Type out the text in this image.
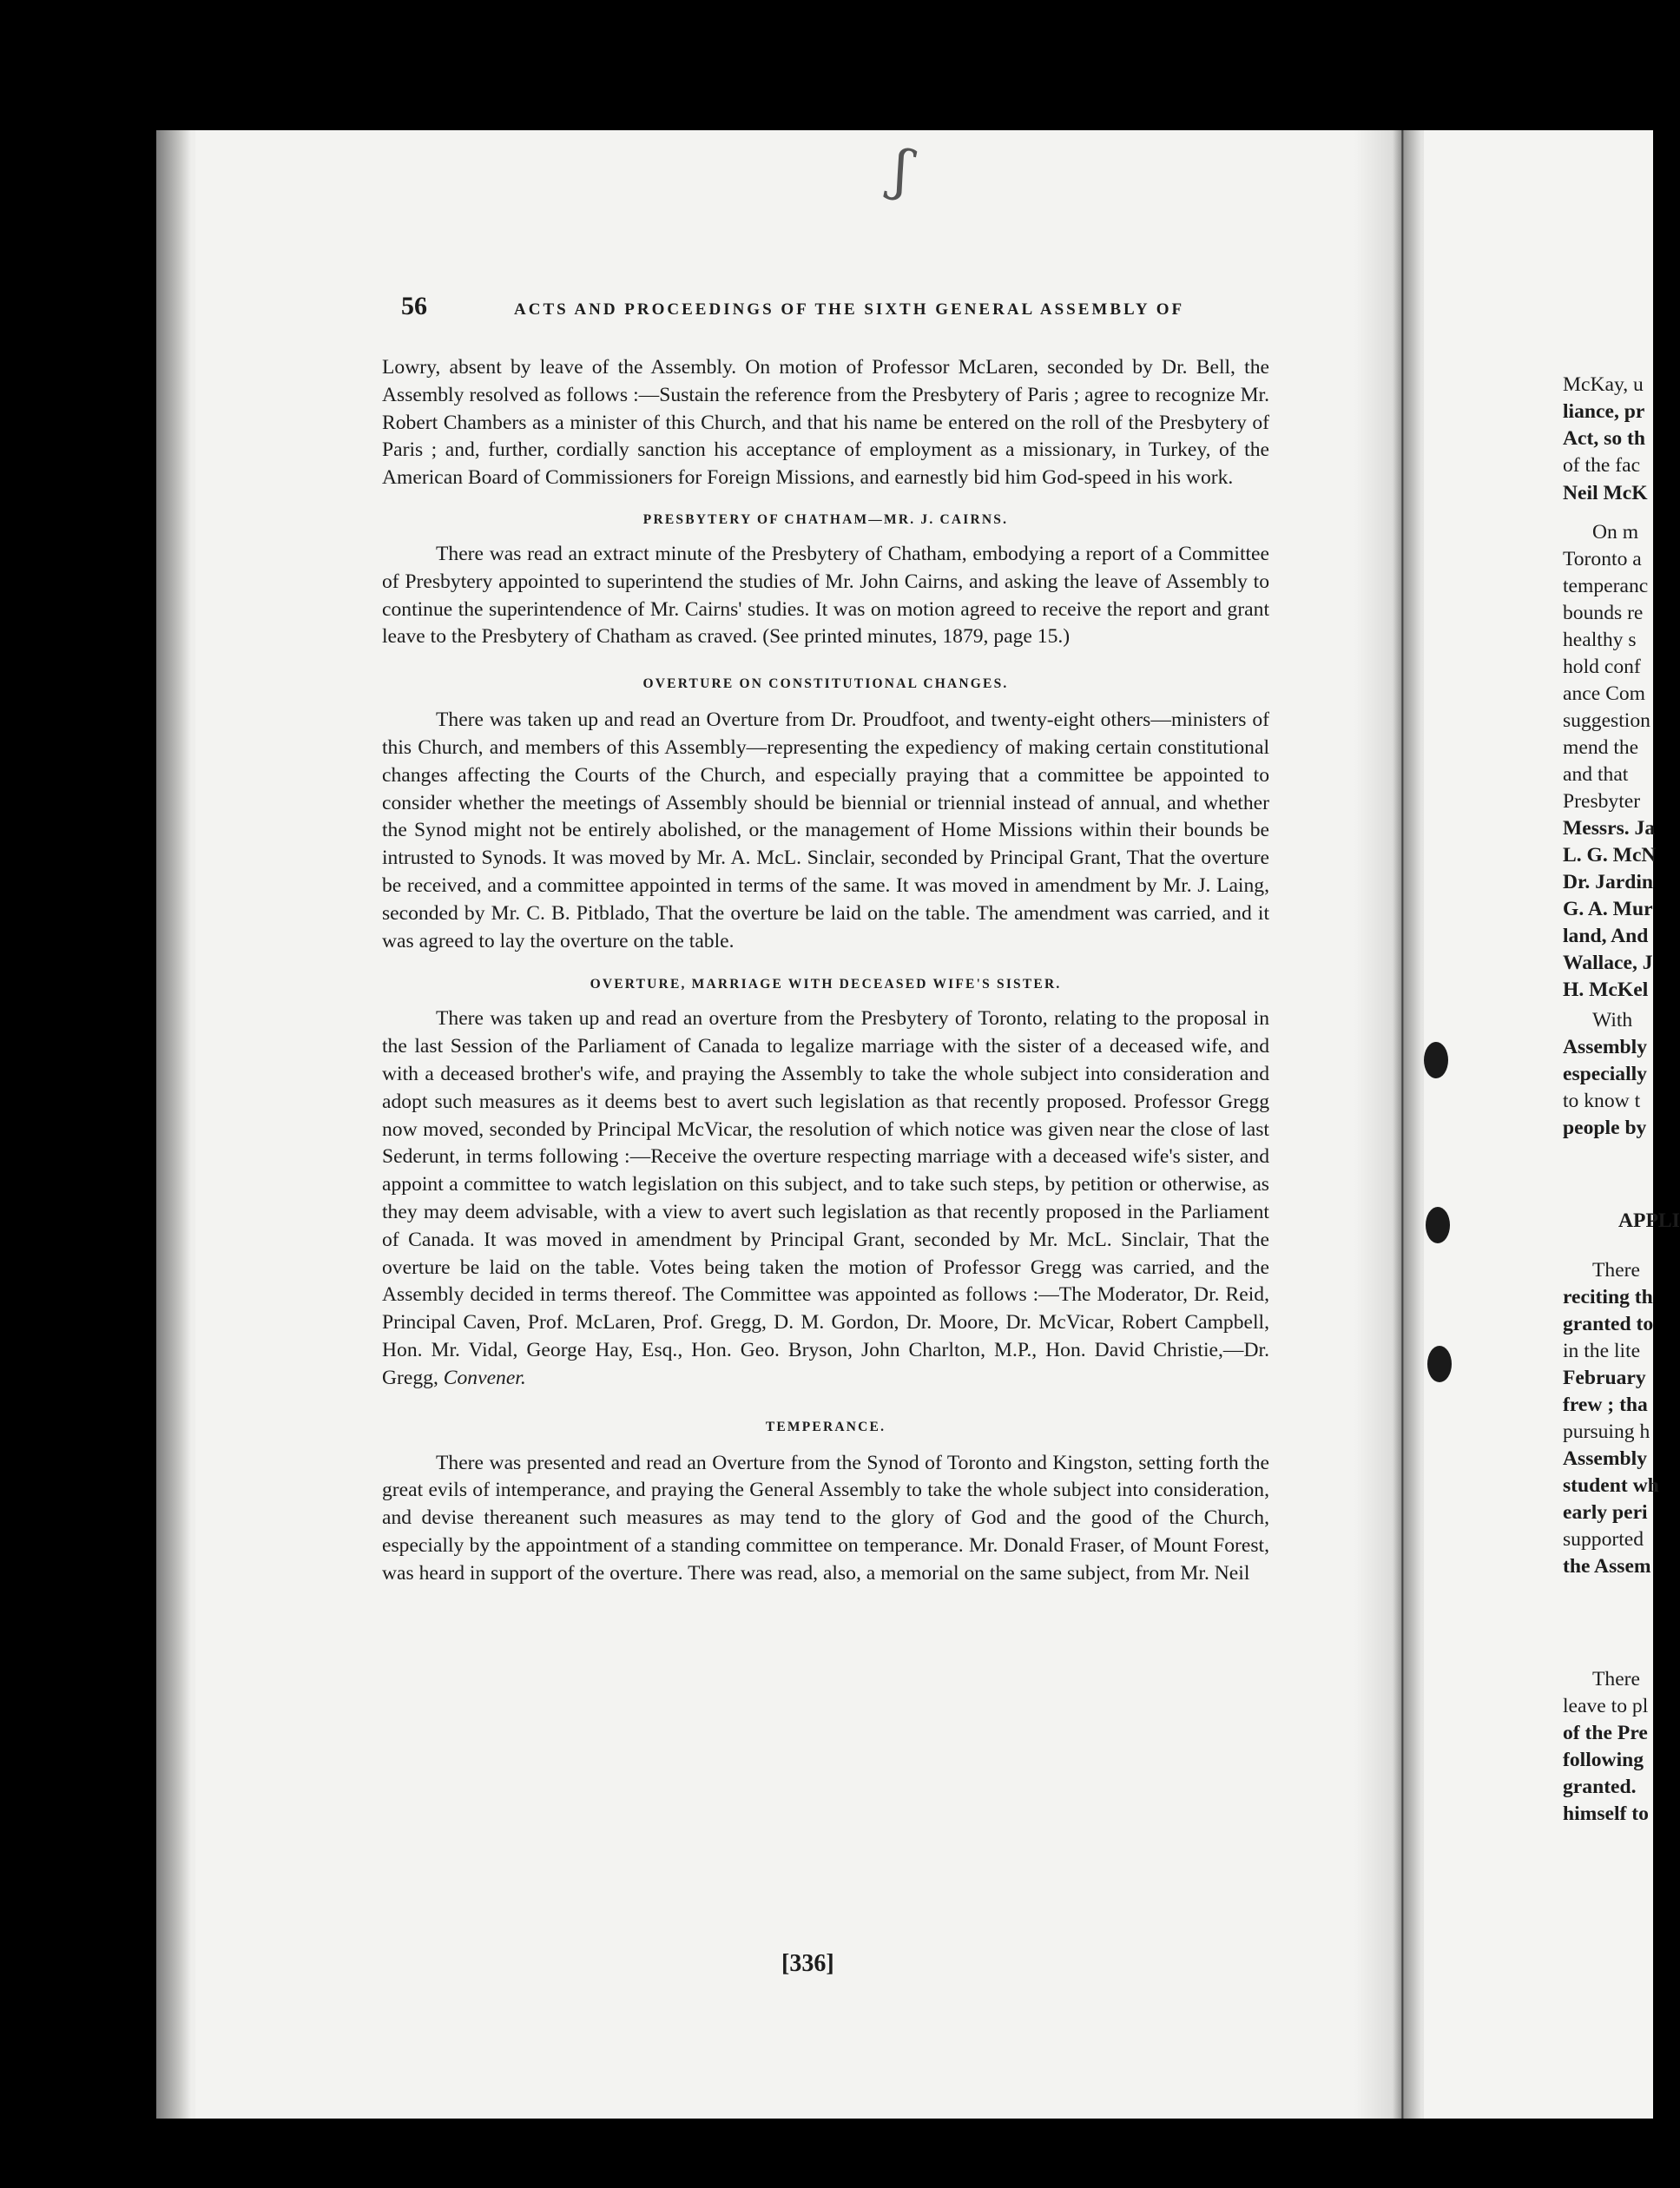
McKay, u
liance, pr
Act, so th
of the fac
Neil McK
On m
Toronto a
temperanc
bounds re
healthy s
hold conf
ance Com
suggestion
mend the
and that
Presbyter
Messrs. Ja
L. G. McN
Dr. Jardin
G. A. Mur
land, And
Wallace, J
H. McKel
With
Assembly
especially
to know t
people by
APPLI
There
reciting th
granted to
in the lite
February
frew ; tha
pursuing h
Assembly
student wh
early peri
supported
the Assem
There
leave to pl
of the Pre
following
granted.
himself to
ʃ
56	ACTS AND PROCEEDINGS OF THE SIXTH GENERAL ASSEMBLY OF

Lowry, absent by leave of the Assembly. On motion of Professor McLaren, seconded by Dr. Bell, the Assembly resolved as follows :—Sustain the reference from the Presbytery of Paris ; agree to recognize Mr. Robert Chambers as a minister of this Church, and that his name be entered on the roll of the Presbytery of Paris ; and, further, cordially sanction his acceptance of employment as a missionary, in Turkey, of the American Board of Commissioners for Foreign Missions, and earnestly bid him God-speed in his work.

PRESBYTERY OF CHATHAM—MR. J. CAIRNS.

There was read an extract minute of the Presbytery of Chatham, embodying a report of a Committee of Presbytery appointed to superintend the studies of Mr. John Cairns, and asking the leave of Assembly to continue the superintendence of Mr. Cairns' studies. It was on motion agreed to receive the report and grant leave to the Presbytery of Chatham as craved. (See printed minutes, 1879, page 15.)

OVERTURE ON CONSTITUTIONAL CHANGES.

There was taken up and read an Overture from Dr. Proudfoot, and twenty-eight others—ministers of this Church, and members of this Assembly—representing the expediency of making certain constitutional changes affecting the Courts of the Church, and especially praying that a committee be appointed to consider whether the meetings of Assembly should be biennial or triennial instead of annual, and whether the Synod might not be entirely abolished, or the management of Home Missions within their bounds be intrusted to Synods. It was moved by Mr. A. McL. Sinclair, seconded by Principal Grant, That the overture be received, and a committee appointed in terms of the same. It was moved in amendment by Mr. J. Laing, seconded by Mr. C. B. Pitblado, That the overture be laid on the table. The amendment was carried, and it was agreed to lay the overture on the table.

OVERTURE, MARRIAGE WITH DECEASED WIFE'S SISTER.

There was taken up and read an overture from the Presbytery of Toronto, relating to the proposal in the last Session of the Parliament of Canada to legalize marriage with the sister of a deceased wife, and with a deceased brother's wife, and praying the Assembly to take the whole subject into consideration and adopt such measures as it deems best to avert such legislation as that recently proposed. Professor Gregg now moved, seconded by Principal McVicar, the resolution of which notice was given near the close of last Sederunt, in terms following :—Receive the overture respecting marriage with a deceased wife's sister, and appoint a committee to watch legislation on this subject, and to take such steps, by petition or otherwise, as they may deem advisable, with a view to avert such legislation as that recently proposed in the Parliament of Canada. It was moved in amendment by Principal Grant, seconded by Mr. McL. Sinclair, That the overture be laid on the table. Votes being taken the motion of Professor Gregg was carried, and the Assembly decided in terms thereof. The Committee was appointed as follows :—The Moderator, Dr. Reid, Principal Caven, Prof. McLaren, Prof. Gregg, D. M. Gordon, Dr. Moore, Dr. McVicar, Robert Campbell, Hon. Mr. Vidal, George Hay, Esq., Hon. Geo. Bryson, John Charlton, M.P., Hon. David Christie,—Dr. Gregg, Convener.

TEMPERANCE.

There was presented and read an Overture from the Synod of Toronto and Kingston, setting forth the great evils of intemperance, and praying the General Assembly to take the whole subject into consideration, and devise thereanent such measures as may tend to the glory of God and the good of the Church, especially by the appointment of a standing committee on temperance. Mr. Donald Fraser, of Mount Forest, was heard in support of the overture. There was read, also, a memorial on the same subject, from Mr. Neil

[336]
